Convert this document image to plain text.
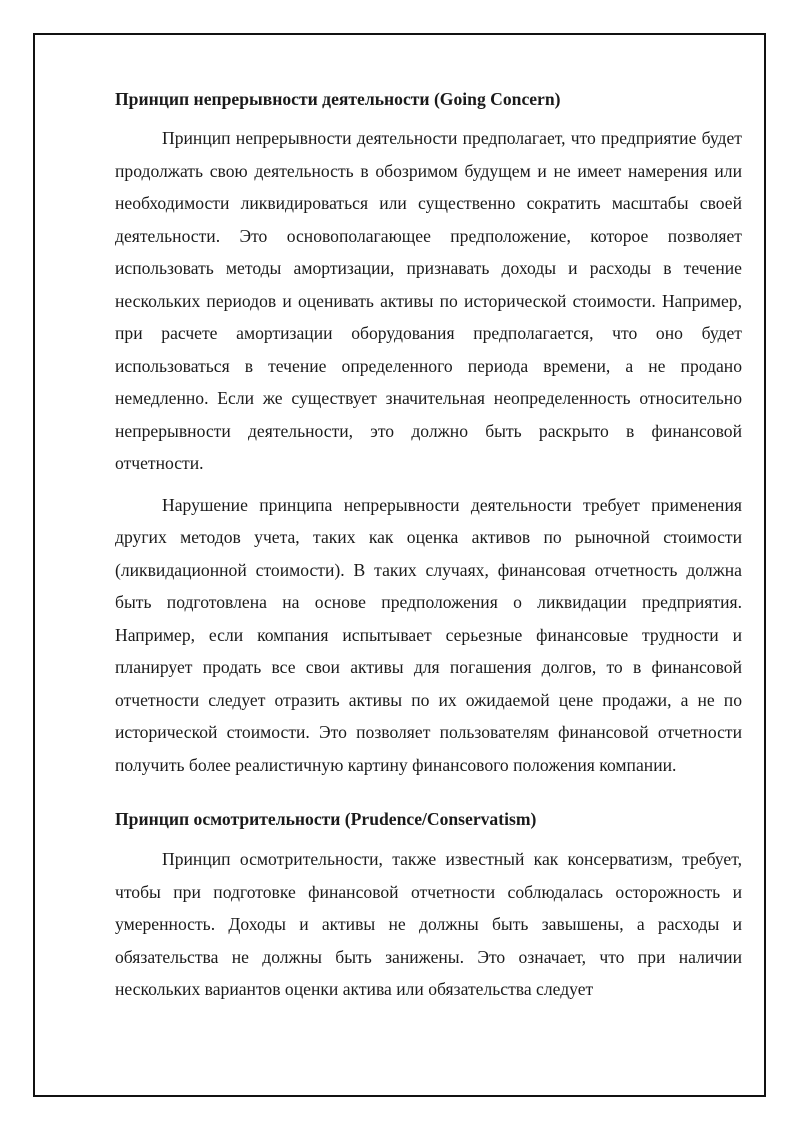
Принцип непрерывности деятельности (Going Concern)

Принцип непрерывности деятельности предполагает, что предприятие будет продолжать свою деятельность в обозримом будущем и не имеет намерения или необходимости ликвидироваться или существенно сократить масштабы своей деятельности. Это основополагающее предположение, которое позволяет использовать методы амортизации, признавать доходы и расходы в течение нескольких периодов и оценивать активы по исторической стоимости. Например, при расчете амортизации оборудования предполагается, что оно будет использоваться в течение определенного периода времени, а не продано немедленно. Если же существует значительная неопределенность относительно непрерывности деятельности, это должно быть раскрыто в финансовой отчетности.

Нарушение принципа непрерывности деятельности требует применения других методов учета, таких как оценка активов по рыночной стоимости (ликвидационной стоимости). В таких случаях, финансовая отчетность должна быть подготовлена на основе предположения о ликвидации предприятия. Например, если компания испытывает серьезные финансовые трудности и планирует продать все свои активы для погашения долгов, то в финансовой отчетности следует отразить активы по их ожидаемой цене продажи, а не по исторической стоимости. Это позволяет пользователям финансовой отчетности получить более реалистичную картину финансового положения компании.

Принцип осмотрительности (Prudence/Conservatism)

Принцип осмотрительности, также известный как консерватизм, требует, чтобы при подготовке финансовой отчетности соблюдалась осторожность и умеренность. Доходы и активы не должны быть завышены, а расходы и обязательства не должны быть занижены. Это означает, что при наличии нескольких вариантов оценки актива или обязательства следует
